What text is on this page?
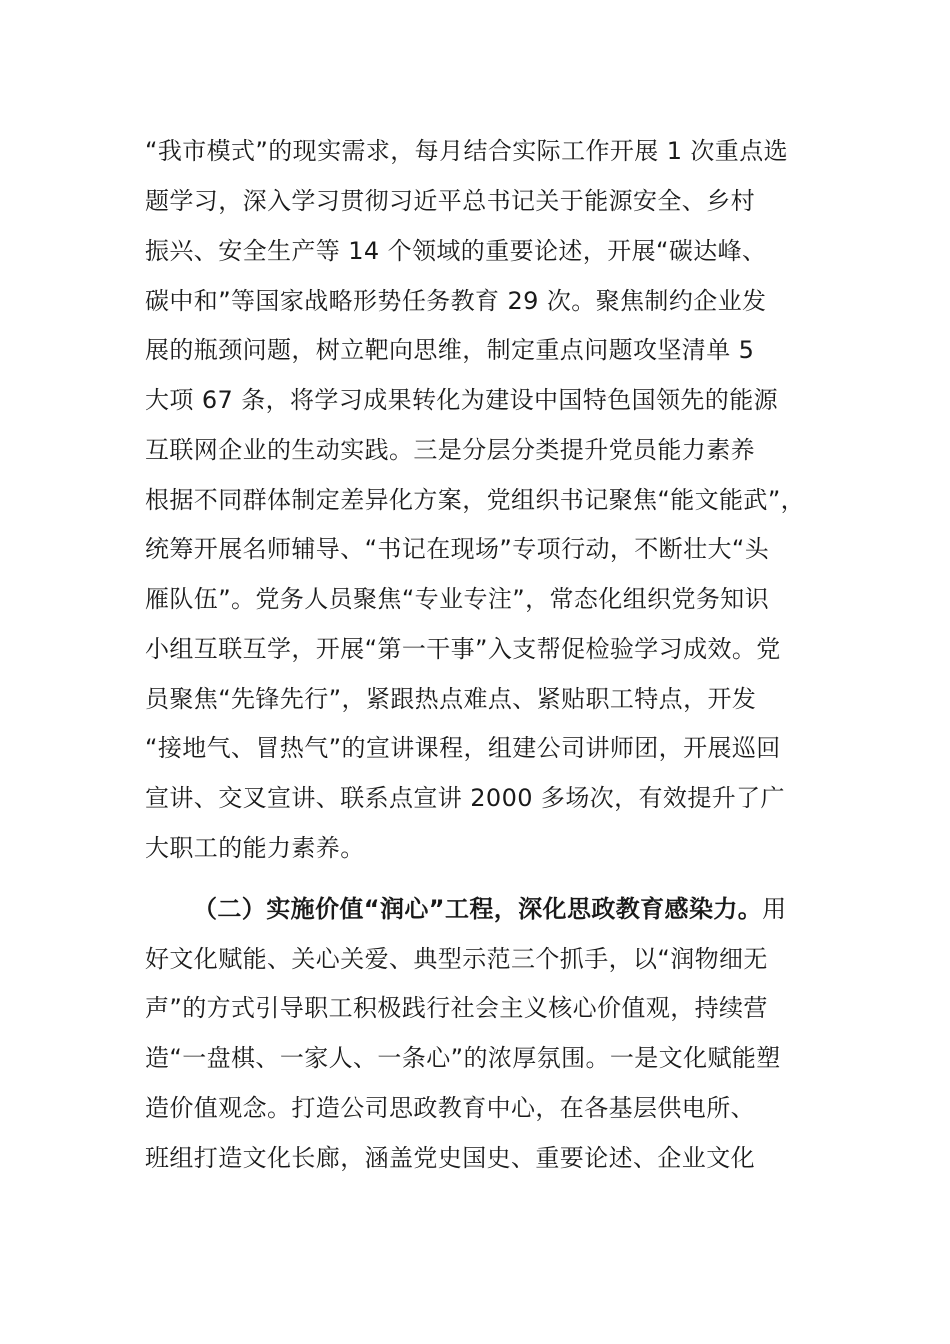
“我市模式”的现实需求，每月结合实际工作开展 1 次重点选
题学习，深入学习贯彻习近平总书记关于能源安全、乡村
振兴、安全生产等 14 个领域的重要论述，开展“碳达峰、
碳中和”等国家战略形势任务教育 29 次。聚焦制约企业发
展的瓶颈问题，树立靶向思维，制定重点问题攻坚清单 5
大项 67 条，将学习成果转化为建设中国特色国领先的能源
互联网企业的生动实践。三是分层分类提升党员能力素养
根据不同群体制定差异化方案，党组织书记聚焦“能文能武”，
统筹开展名师辅导、“书记在现场”专项行动，不断壮大“头
雁队伍”。党务人员聚焦“专业专注”，常态化组织党务知识
小组互联互学，开展“第一干事”入支帮促检验学习成效。党
员聚焦“先锋先行”，紧跟热点难点、紧贴职工特点，开发
“接地气、冒热气”的宣讲课程，组建公司讲师团，开展巡回
宣讲、交叉宣讲、联系点宣讲 2000 多场次，有效提升了广
大职工的能力素养。
（二）实施价值“润心”工程，深化思政教育感染力。用
好文化赋能、关心关爱、典型示范三个抓手，以“润物细无
声”的方式引导职工积极践行社会主义核心价值观，持续营
造“一盘棋、一家人、一条心”的浓厚氛围。一是文化赋能塑
造价值观念。打造公司思政教育中心，在各基层供电所、
班组打造文化长廊，涵盖党史国史、重要论述、企业文化
